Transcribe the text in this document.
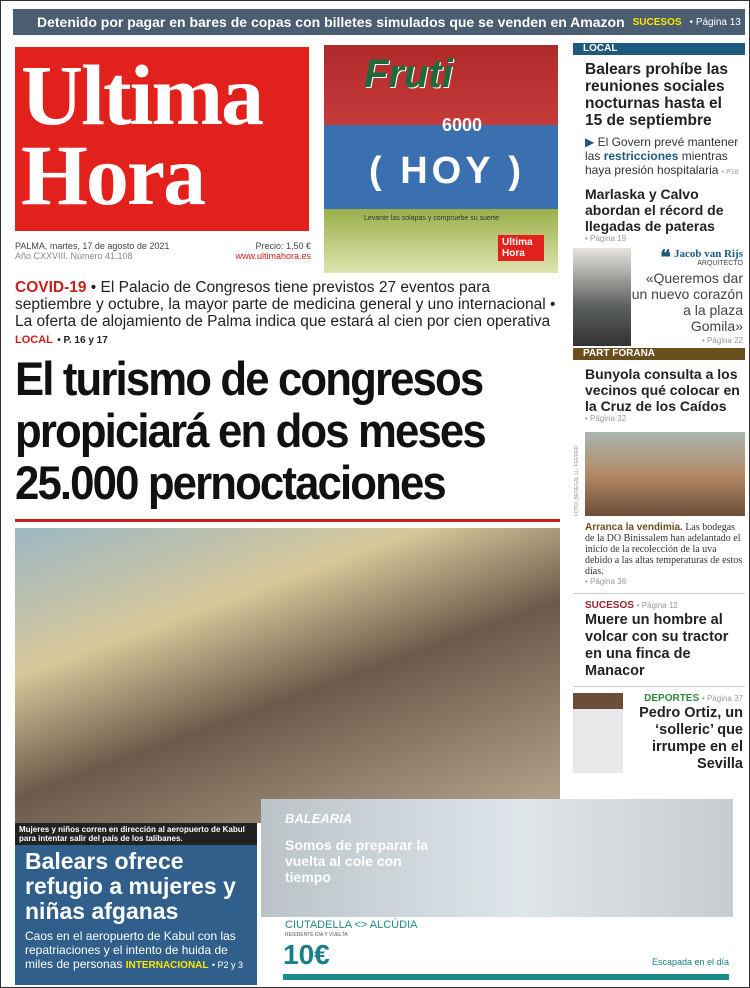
Detenido por pagar en bares de copas con billetes simulados que se venden en Amazon SUCESOS • Página 13
Ultima
Hora
PALMA, martes, 17 de agosto de 2021
Año CXXVIII. Número 41.108
Precio: 1,50 €
www.ultimahora.es
Fruti
6000
( HOY )
Levante las solapas y compruebe su suerte
Ultima Hora
COVID-19 • El Palacio de Congresos tiene previstos 27 eventos para septiembre y octubre, la mayor parte de medicina general y uno internacional • La oferta de alojamiento de Palma indica que estará al cien por cien operativa LOCAL • P. 16 y 17
El turismo de congresos propiciará en dos meses 25.000 pernoctaciones
Mujeres y niños corren en dirección al aeropuerto de Kabul para intentar salir del país de los talibanes.
Balears ofrece refugio a mujeres y niñas afganas

Caos en el aeropuerto de Kabul con las repatriaciones y el intento de huida de miles de personas INTERNACIONAL • P2 y 3

BALEARIA
Somos de preparar la vuelta al cole con tiempo
CIUTADELLA <> ALCÚDIA
RESIDENTE IDA Y VUELTA
10€	Escapada en el día
LOCAL
Balears prohíbe las reuniones sociales nocturnas hasta el 15 de septiembre
▶ El Govern prevé mantener las restricciones mientras haya presión hospitalaria • P18
Marlaska y Calvo abordan el récord de llegadas de pateras
• Página 19
❝ Jacob van Rijs
ARQUITECTO
«Queremos dar un nuevo corazón a la plaza Gomila»
• Página 22
PART FORANA
Bunyola consulta a los vecinos qué colocar en la Cruz de los Caídos
• Página 32
FOTO: BEREGAL LL. FERRER
Arranca la vendimia. Las bodegas de la DO Binissalem han adelantado el inicio de la recolección de la uva debido a las altas temperaturas de estos días.
• Página 36
SUCESOS • Página 12
Muere un hombre al volcar con su tractor en una finca de Manacor
DEPORTES • Página 37
Pedro Ortiz, un ‘solleric’ que irrumpe en el Sevilla
